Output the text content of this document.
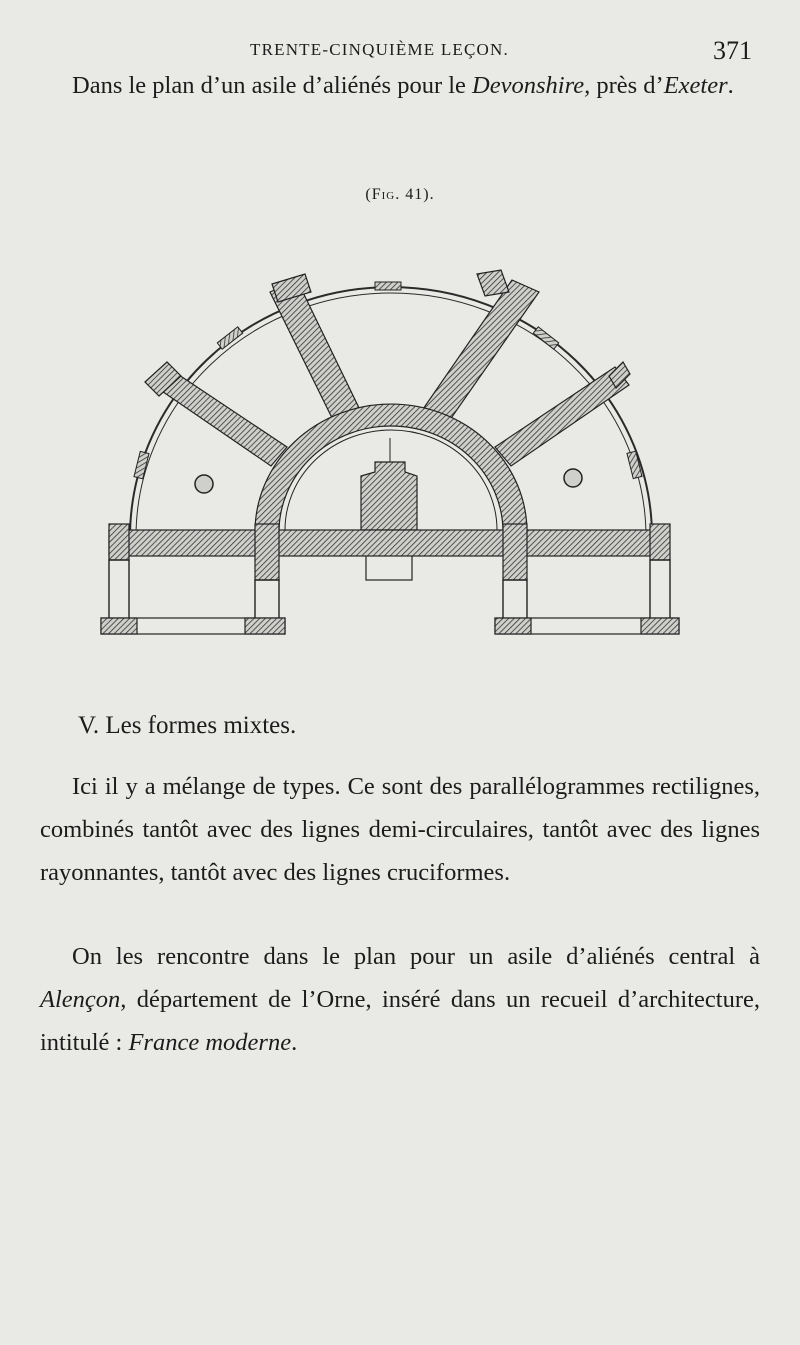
TRENTE-CINQUIÈME LEÇON.	371

Dans le plan d’un asile d’aliénés pour le Devonshire, près d’Exeter.

(Fig. 41).
V. Les formes mixtes.

Ici il y a mélange de types. Ce sont des parallélogrammes rectilignes, combinés tantôt avec des lignes demi-circulaires, tantôt avec des lignes rayonnantes, tantôt avec des lignes cruciformes.

On les rencontre dans le plan pour un asile d’aliénés central à Alençon, département de l’Orne, inséré dans un recueil d’architecture, intitulé : France moderne.
